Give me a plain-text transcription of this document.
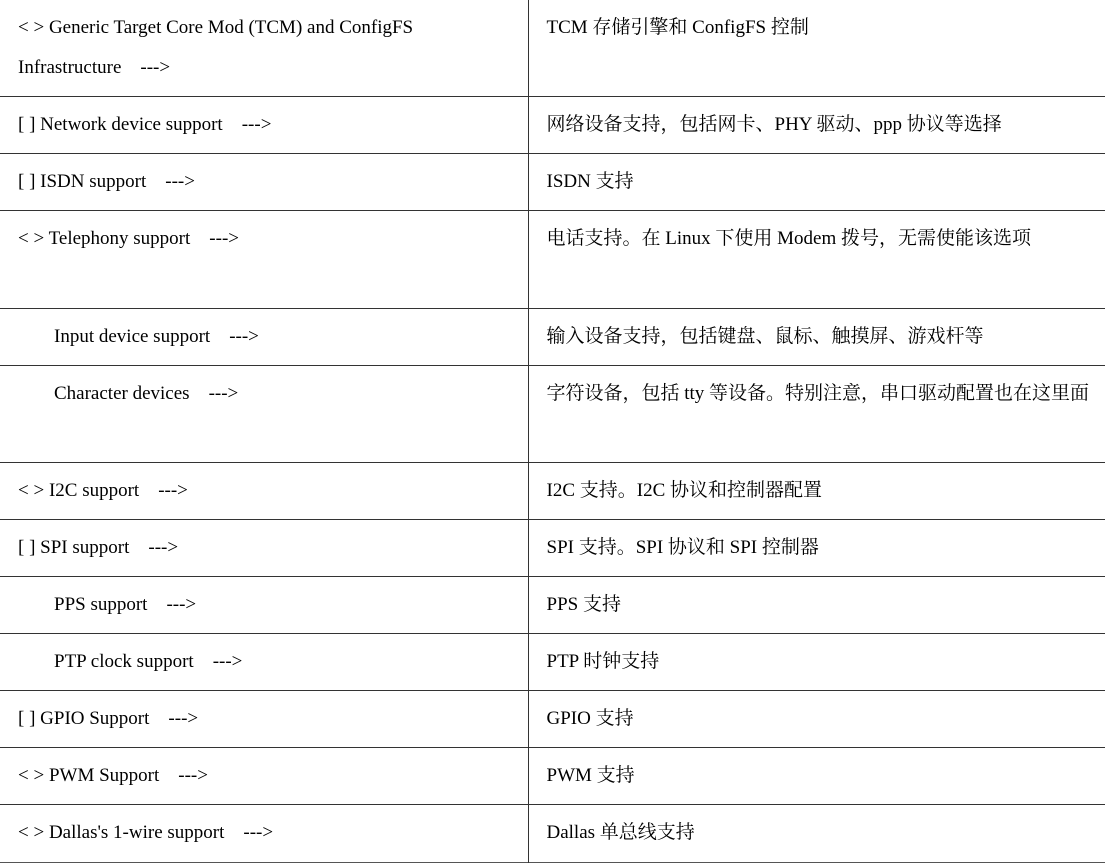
< > Generic Target Core Mod (TCM) and ConfigFS Infrastructure --->	TCM 存储引擎和 ConfigFS 控制
[ ] Network device support --->	网络设备支持，包括网卡、PHY 驱动、ppp 协议等选择
[ ] ISDN support --->	ISDN 支持
< > Telephony support --->	电话支持。在 Linux 下使用 Modem 拨号，无需使能该选项
Input device support --->	输入设备支持，包括键盘、鼠标、触摸屏、游戏杆等
Character devices --->	字符设备，包括 tty 等设备。特别注意，串口驱动配置也在这里面
< > I2C support --->	I2C 支持。I2C 协议和控制器配置
[ ] SPI support --->	SPI 支持。SPI 协议和 SPI 控制器
PPS support --->	PPS 支持
PTP clock support --->	PTP 时钟支持
[ ] GPIO Support --->	GPIO 支持
< > PWM Support --->	PWM 支持
< > Dallas's 1-wire support --->	Dallas 单总线支持
